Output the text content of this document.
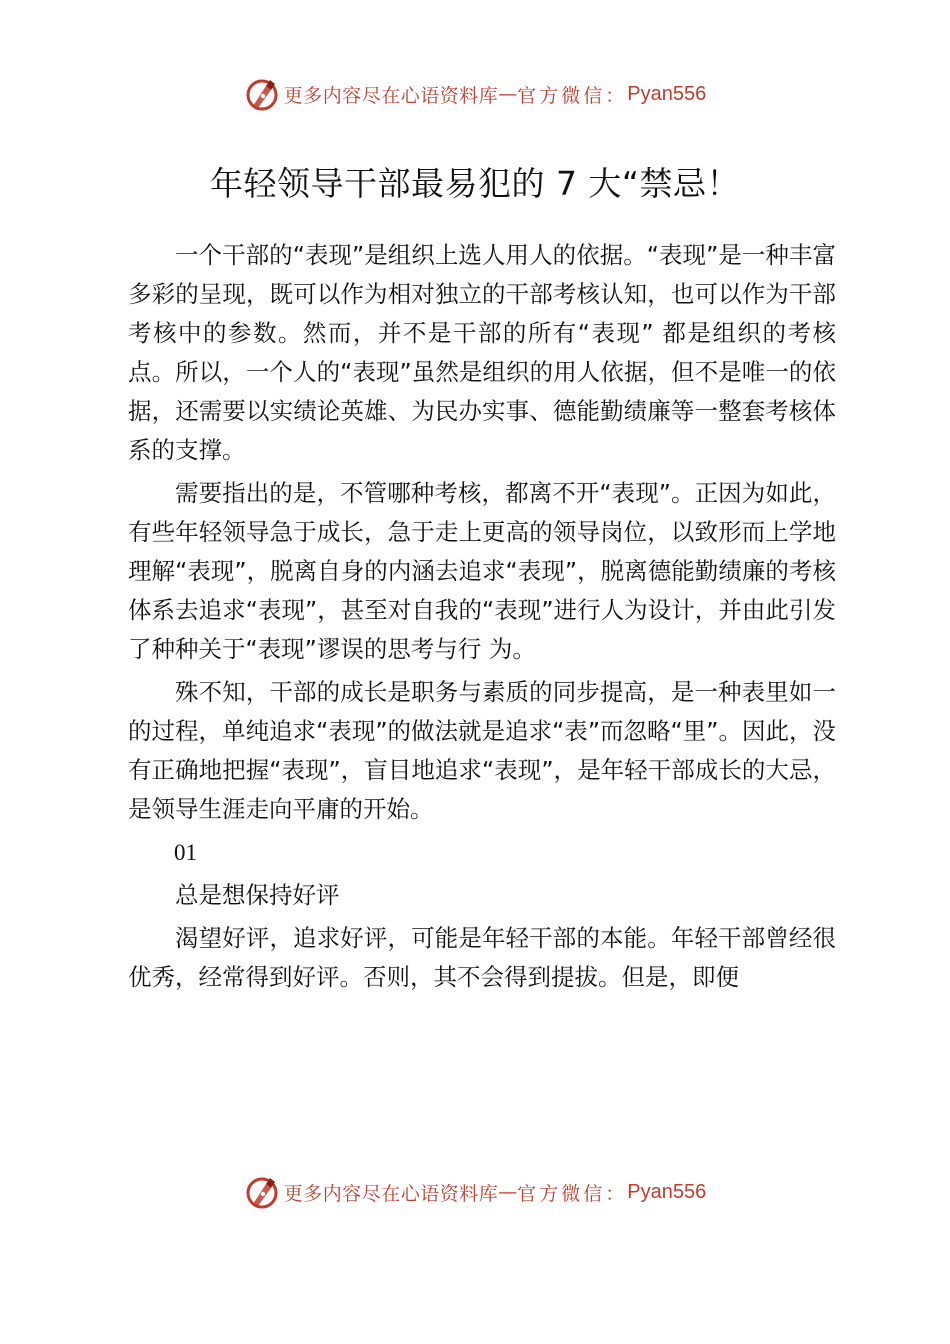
更多内容尽在心语资料库 — 官方微信： Pyan556
年轻领导干部最易犯的 7 大“禁忌！

一个干部的“表现”是组织上选人用人的依据。“表现”是一种丰富多彩的呈现，既可以作为相对独立的干部考核认知，也可以作为干部考核中的参数。然而，并不是干部的所有“表现” 都是组织的考核点。所以，一个人的“表现”虽然是组织的用人依据，但不是唯一的依据，还需要以实绩论英雄、为民办实事、德能勤绩廉等一整套考核体系的支撑。

需要指出的是，不管哪种考核，都离不开“表现”。正因为如此，有些年轻领导急于成长，急于走上更高的领导岗位，以致形而上学地理解“表现”，脱离自身的内涵去追求“表现”，脱离德能勤绩廉的考核体系去追求“表现”，甚至对自我的“表现”进行人为设计，并由此引发了种种关于“表现”谬误的思考与行 为。

殊不知，干部的成长是职务与素质的同步提高，是一种表里如一的过程，单纯追求“表现”的做法就是追求“表”而忽略“里”。因此，没有正确地把握“表现”，盲目地追求“表现”，是年轻干部成长的大忌，是领导生涯走向平庸的开始。

01

总是想保持好评

渴望好评，追求好评，可能是年轻干部的本能。年轻干部曾经很优秀，经常得到好评。否则，其不会得到提拔。但是，即便

更多内容尽在心语资料库 — 官方微信： Pyan556
